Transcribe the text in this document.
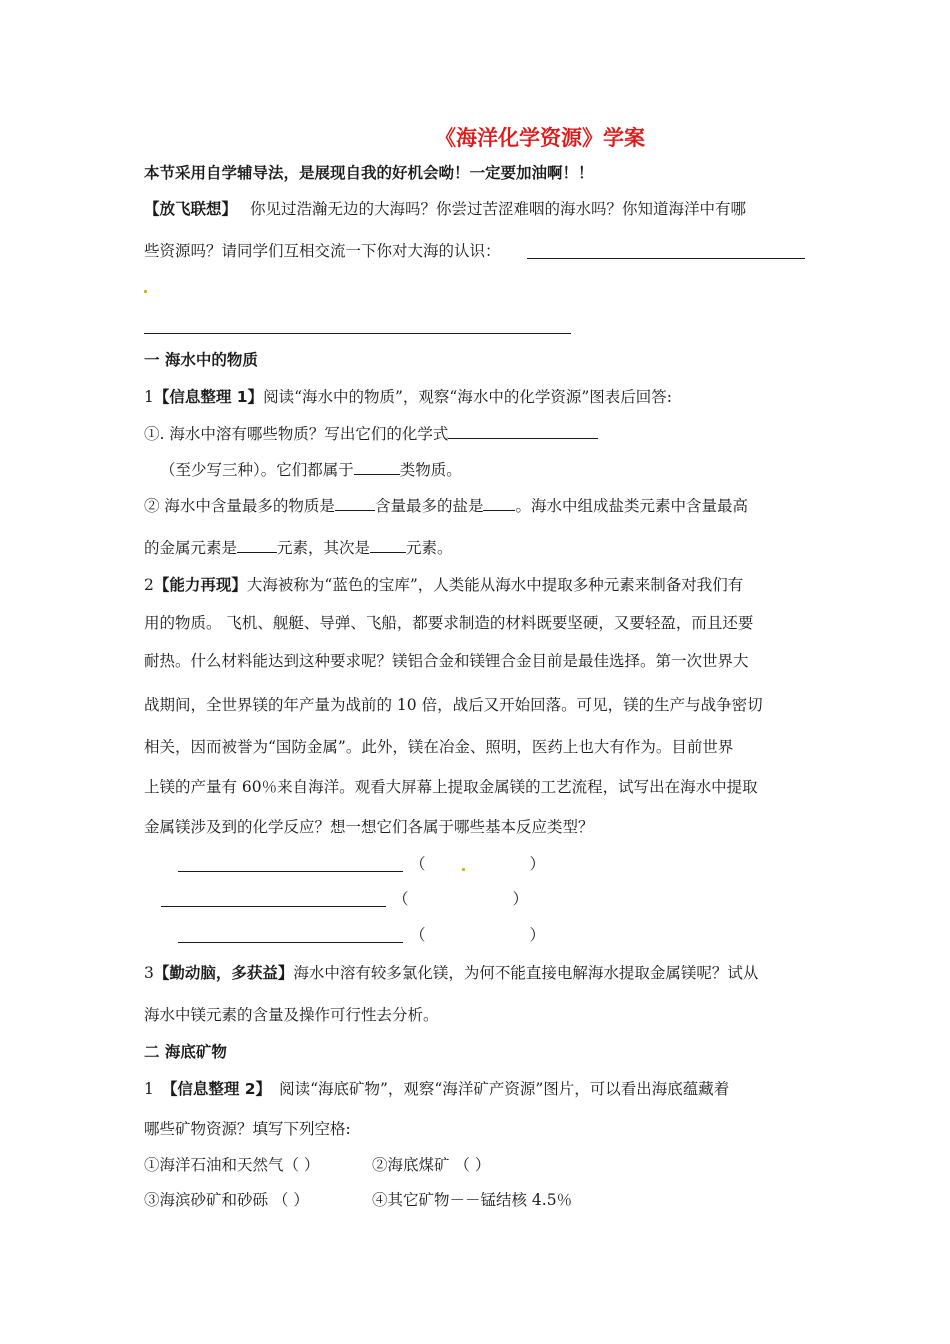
《海洋化学资源》学案
本节采用自学辅导法，是展现自我的好机会呦！一定要加油啊！！
【放飞联想】 你见过浩瀚无边的大海吗？你尝过苦涩难咽的海水吗？你知道海洋中有哪
些资源吗？请同学们互相交流一下你对大海的认识：
一 海水中的物质
1【信息整理 1】阅读“海水中的物质”，观察“海水中的化学资源”图表后回答:
①. 海水中溶有哪些物质？写出它们的化学式
（至少写三种）。它们都属于	类物质。
② 海水中含量最多的物质是	含量最多的盐是 。海水中组成盐类元素中含量最高
的金属元素是	元素，其次是 元素。
2【能力再现】大海被称为“蓝色的宝库”，人类能从海水中提取多种元素来制备对我们有
用的物质。 飞机、舰艇、导弹、飞船，都要求制造的材料既要坚硬，又要轻盈，而且还要
耐热。什么材料能达到这种要求呢？镁铝合金和镁锂合金目前是最佳选择。第一次世界大
战期间，全世界镁的年产量为战前的 10 倍，战后又开始回落。可见，镁的生产与战争密切
相关，因而被誉为“国防金属”。此外，镁在冶金、照明，医药上也大有作为。目前世界
上镁的产量有 60％来自海洋。观看大屏幕上提取金属镁的工艺流程，试写出在海水中提取
金属镁涉及到的化学反应？想一想它们各属于哪些基本反应类型？
（	）
（	）
（	）
3【勤动脑，多获益】海水中溶有较多氯化镁，为何不能直接电解海水提取金属镁呢？试从
海水中镁元素的含量及操作可行性去分析。
二 海底矿物
1 【信息整理 2】 阅读“海底矿物”，观察“海洋矿产资源”图片，可以看出海底蕴藏着
哪些矿物资源？填写下列空格:
①海洋石油和天然气（ ）	②海底煤矿 （ ）
③海滨砂矿和砂砾 （ ）	④其它矿物－－锰结核 4.5％
